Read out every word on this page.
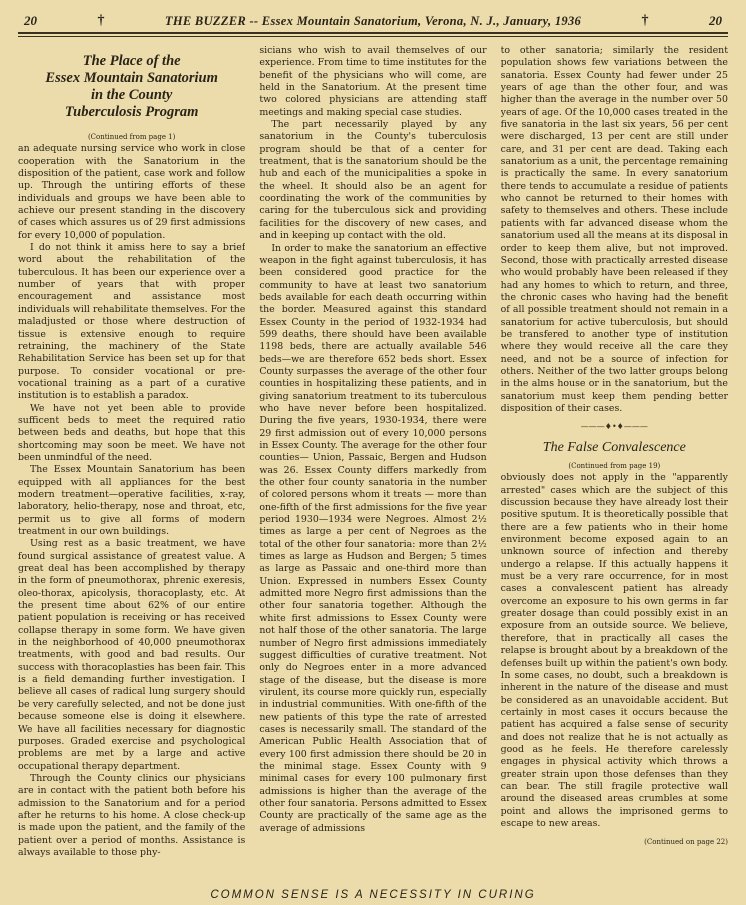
20	†	THE BUZZER -- Essex Mountain Sanatorium, Verona, N. J., January, 1936	†	20
The Place of the
Essex Mountain Sanatorium
in the County
Tuberculosis Program

(Continued from page 1)

an adequate nursing service who work in close cooperation with the Sanatorium in the disposition of the patient, case work and follow up. Through the untiring efforts of these individuals and groups we have been able to achieve our present standing in the discovery of cases which assures us of 29 first admissions for every 10,000 of population.

I do not think it amiss here to say a brief word about the rehabilitation of the tuberculous. It has been our experience over a number of years that with proper encouragement and assistance most individuals will rehabilitate themselves. For the maladjusted or those where destruction of tissue is extensive enough to require retraining, the machinery of the State Rehabilitation Service has been set up for that purpose. To consider vocational or pre-vocational training as a part of a curative institution is to establish a paradox.

We have not yet been able to provide sufficent beds to meet the required ratio between beds and deaths, but hope that this shortcoming may soon be meet. We have not been unmindful of the need.

The Essex Mountain Sanatorium has been equipped with all appliances for the best modern treatment—operative facilities, x-ray, laboratory, helio-therapy, nose and throat, etc, permit us to give all forms of modern treatment in our own buildings.

Using rest as a basic treatment, we have found surgical assistance of greatest value. A great deal has been accomplished by therapy in the form of pneumothorax, phrenic exeresis, oleo-thorax, apicolysis, thoracoplasty, etc. At the present time about 62% of our entire patient population is receiving or has received collapse therapy in some form. We have given in the neighborhood of 40,000 pneumothorax treatments, with good and bad results. Our success with thoracoplasties has been fair. This is a field demanding further investigation. I believe all cases of radical lung surgery should be very carefully selected, and not be done just because someone else is doing it elsewhere. We have all facilities necessary for diagnostic purposes. Graded exercise and psychological problems are met by a large and active occupational therapy department.

Through the County clinics our physicians are in contact with the patient both before his admission to the Sanatorium and for a period after he returns to his home. A close check-up is made upon the patient, and the family of the patient over a period of months. Assistance is always available to those phy-

sicians who wish to avail themselves of our experience. From time to time institutes for the benefit of the physicians who will come, are held in the Sanatorium. At the present time two colored physicians are attending staff meetings and making special case studies.

The part necessarily played by any sanatorium in the County's tuberculosis program should be that of a center for treatment, that is the sanatorium should be the hub and each of the municipalities a spoke in the wheel. It should also be an agent for coordinating the work of the communities by caring for the tuberculous sick and providing facilities for the discovery of new cases, and and in keeping up contact with the old.

In order to make the sanatorium an effective weapon in the fight against tuberculosis, it has been considered good practice for the community to have at least two sanatorium beds available for each death occurring within the border. Measured against this standard Essex County in the period of 1932-1934 had 599 deaths, there should have been available 1198 beds, there are actually available 546 beds—we are therefore 652 beds short. Essex County surpasses the average of the other four counties in hospitalizing these patients, and in giving sanatorium treatment to its tuberculous who have never before been hospitalized. During the five years, 1930-1934, there were 29 first admission out of every 10,000 persons in Essex County. The average for the other four counties— Union, Passaic, Bergen and Hudson was 26. Essex County differs markedly from the other four county sanatoria in the number of colored persons whom it treats — more than one-fifth of the first admissions for the five year period 1930—1934 were Negroes. Almost 2½ times as large a per cent of Negroes as the total of the other four sanatoria: more than 2½ times as large as Hudson and Bergen; 5 times as large as Passaic and one-third more than Union. Expressed in numbers Essex County admitted more Negro first admissions than the other four sanatoria together. Although the white first admissions to Essex County were not half those of the other sanatoria. The large number of Negro first admissions immediately suggest difficulties of curative treatment. Not only do Negroes enter in a more advanced stage of the disease, but the disease is more virulent, its course more quickly run, especially in industrial communities. With one-fifth of the new patients of this type the rate of arrested cases is necessarily small. The standard of the American Public Health Association that of every 100 first admission there should be 20 in the minimal stage. Essex County with 9 minimal cases for every 100 pulmonary first admissions is higher than the average of the other four sanatoria. Persons admitted to Essex County are practically of the same age as the average of admissions

to other sanatoria; similarly the resident population shows few variations between the sanatoria. Essex County had fewer under 25 years of age than the other four, and was higher than the average in the number over 50 years of age. Of the 10,000 cases treated in the five sanatoria in the last six years, 56 per cent were discharged, 13 per cent are still under care, and 31 per cent are dead. Taking each sanatorium as a unit, the percentage remaining is practically the same. In every sanatorium there tends to accumulate a residue of patients who cannot be returned to their homes with safety to themselves and others. These include patients with far advanced disease whom the sanatorium used all the means at its disposal in order to keep them alive, but not improved. Second, those with practically arrested disease who would probably have been released if they had any homes to which to return, and three, the chronic cases who having had the benefit of all possible treatment should not remain in a sanatorium for active tuberculosis, but should be transfered to another type of institution where they would receive all the care they need, and not be a source of infection for others. Neither of the two latter groups belong in the alms house or in the sanatorium, but the sanatorium must keep them pending better disposition of their cases.

———♦•♦———
The False Convalescence

(Continued from page 19)

obviously does not apply in the "apparently arrested" cases which are the subject of this discussion because they have already lost their positive sputum. It is theoretically possible that there are a few patients who in their home environment become exposed again to an unknown source of infection and thereby undergo a relapse. If this actually happens it must be a very rare occurrence, for in most cases a convalescent patient has already overcome an exposure to his own germs in far greater dosage than could possibly exist in an exposure from an outside source. We believe, therefore, that in practically all cases the relapse is brought about by a breakdown of the defenses built up within the patient's own body. In some cases, no doubt, such a breakdown is inherent in the nature of the disease and must be considered as an unavoidable accident. But certainly in most cases it occurs because the patient has acquired a false sense of security and does not realize that he is not actually as good as he feels. He therefore carelessly engages in physical activity which throws a greater strain upon those defenses than they can bear. The still fragile protective wall around the diseased areas crumbles at some point and allows the imprisoned germs to escape to new areas.

(Continued on page 22)
COMMON SENSE IS A NECESSITY IN CURING
